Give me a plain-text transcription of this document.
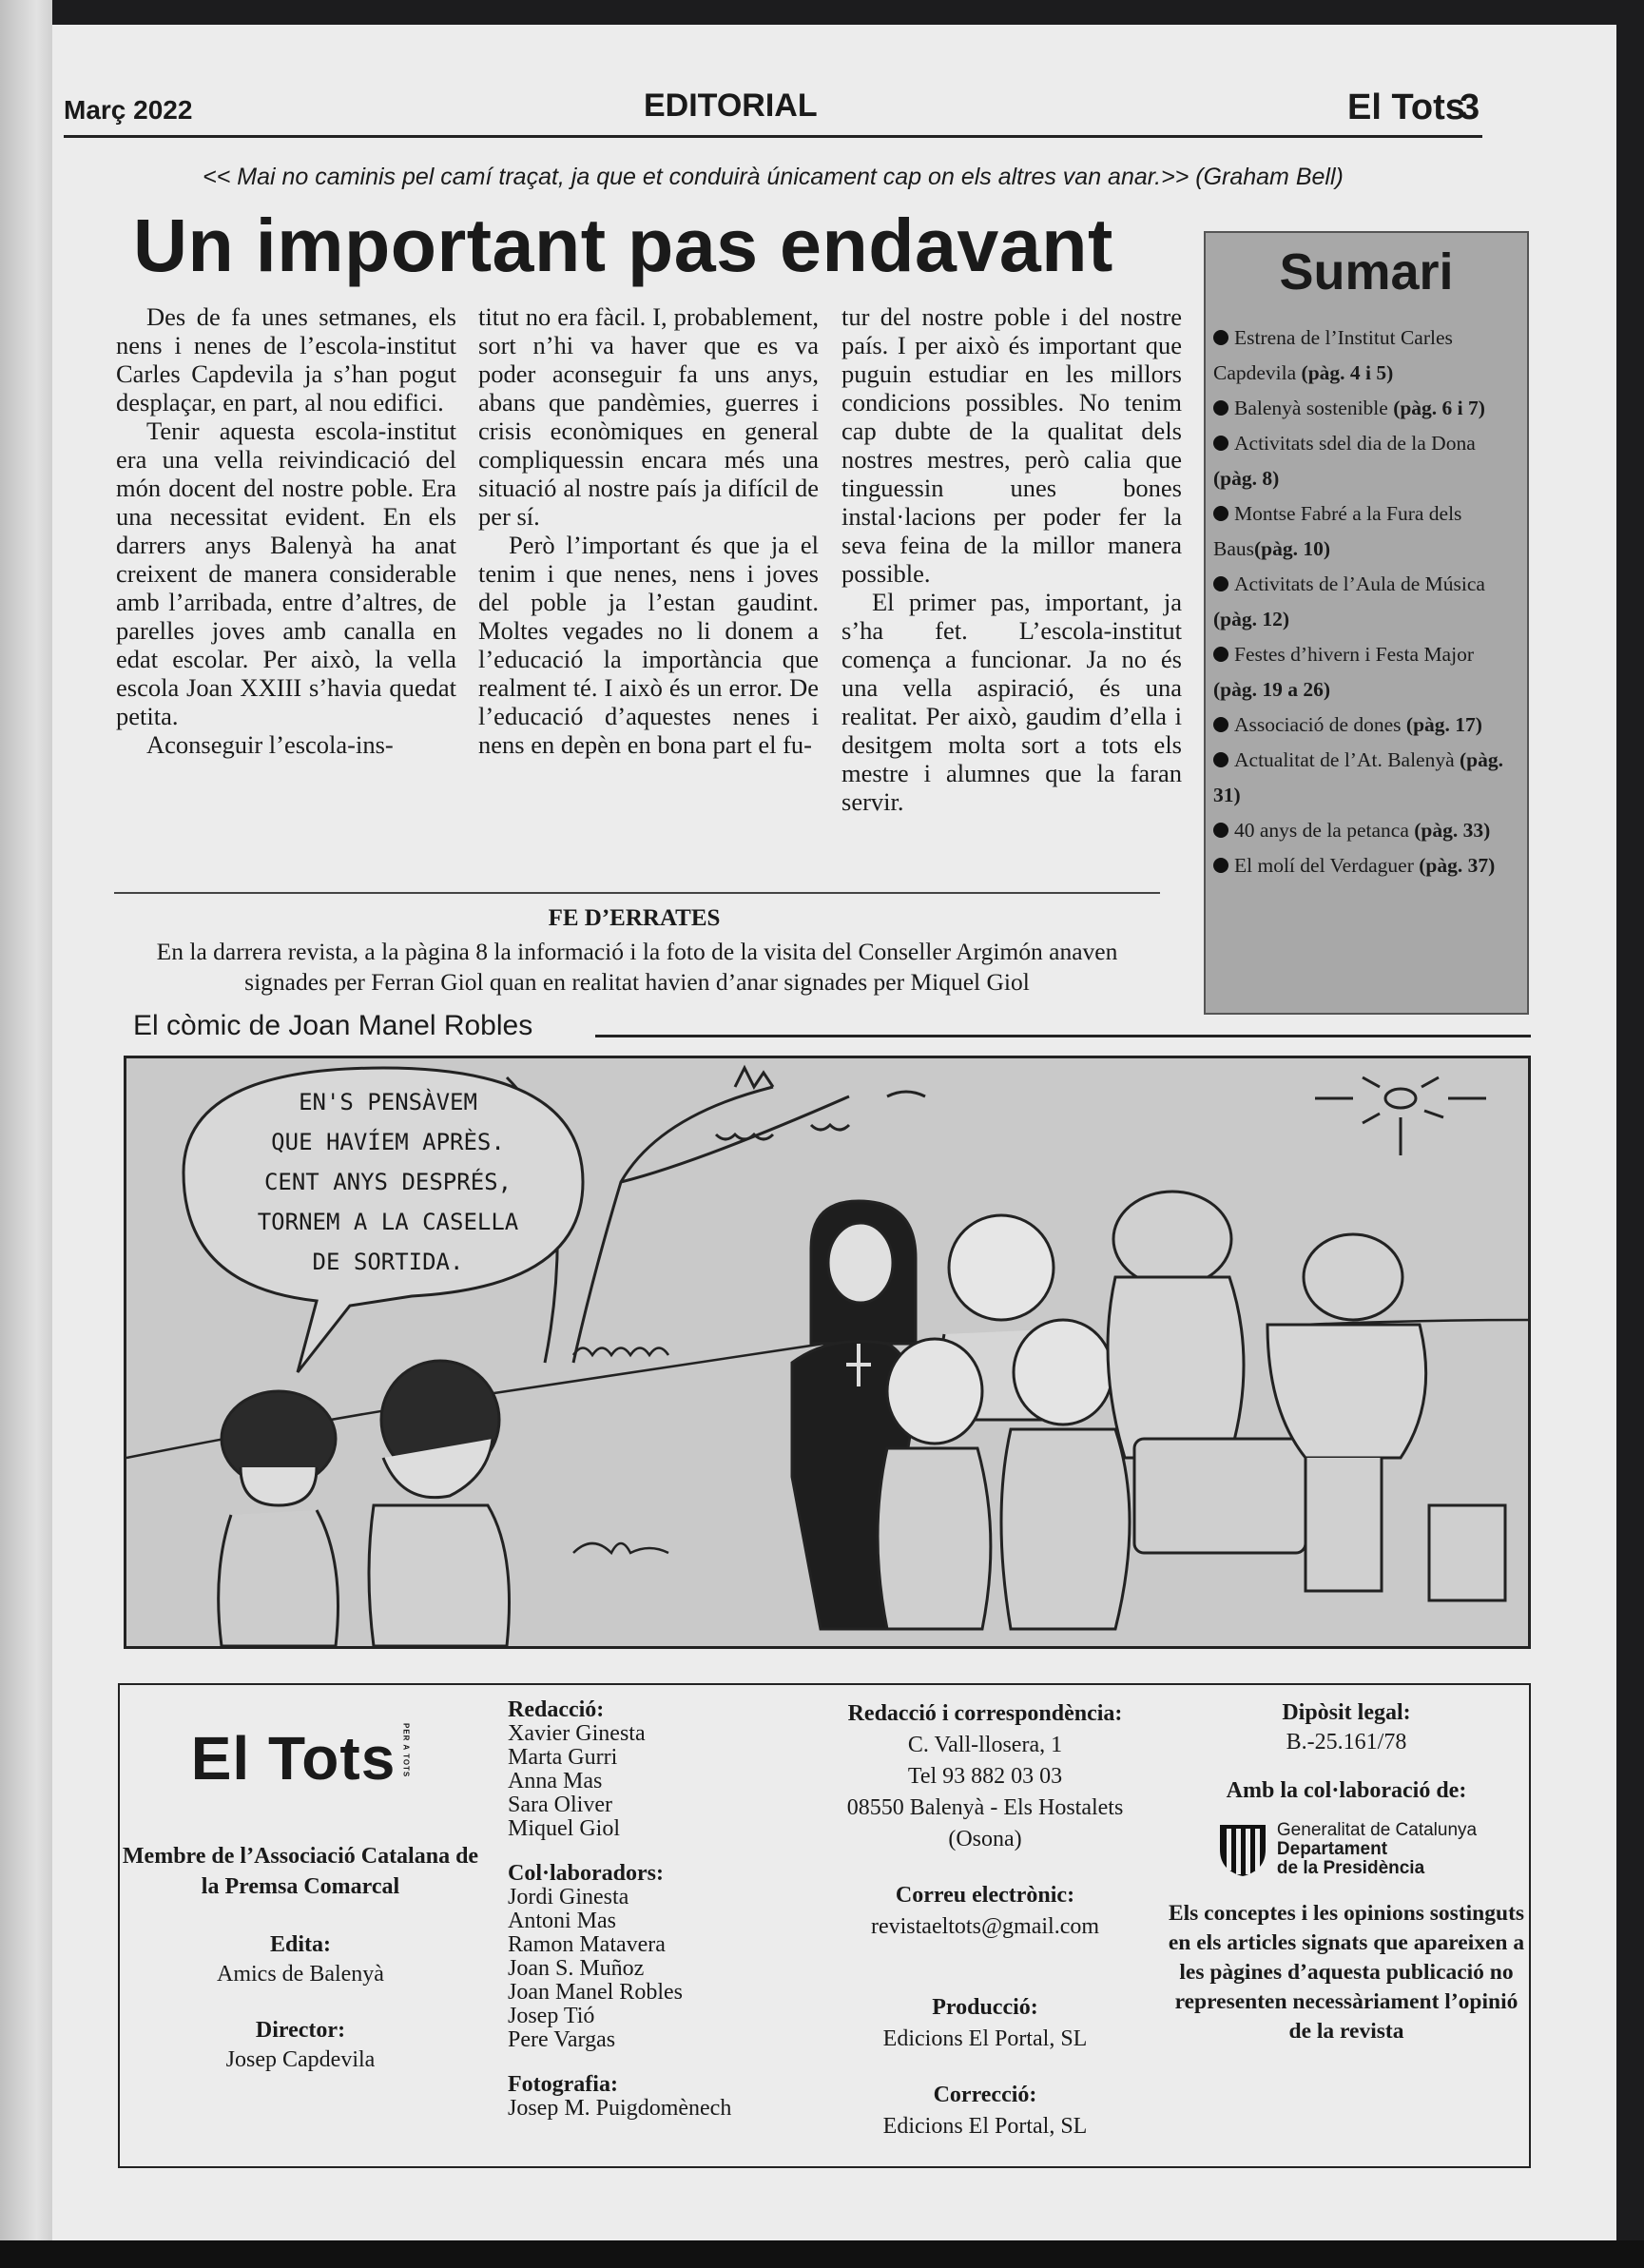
Març 2022	EDITORIAL	El Tots
3
<< Mai no caminis pel camí traçat, ja que et conduirà únicament cap on els altres van anar.>> (Graham Bell)
Un important pas endavant

Des de fa unes setmanes, els nens i nenes de l’escola-institut Carles Capdevila ja s’han pogut desplaçar, en part, al nou edifici.

Tenir aquesta escola-institut era una vella reivindicació del món docent del nostre poble. Era una necessitat evident. En els darrers anys Balenyà ha anat creixent de manera considerable amb l’arribada, entre d’altres, de parelles joves amb canalla en edat escolar. Per això, la vella escola Joan XXIII s’havia quedat petita.

Aconseguir l’escola-ins-

titut no era fàcil. I, probablement, sort n’hi va haver que es va poder aconseguir fa uns anys, abans que pandèmies, guerres i crisis econòmiques en general compliquessin encara més una situació al nostre país ja difícil de per sí.

Però l’important és que ja el tenim i que nenes, nens i joves del poble ja l’estan gaudint. Moltes vegades no li donem a l’educació la importància que realment té. I això és un error. De l’educació d’aquestes nenes i nens en depèn en bona part el fu-

tur del nostre poble i del nostre país. I per això és important que puguin estudiar en les millors condicions possibles. No tenim cap dubte de la qualitat dels nostres mestres, però calia que tinguessin unes bones instal·lacions per poder fer la seva feina de la millor manera possible.

El primer pas, important, ja s’ha fet. L’escola-institut comença a funcionar. Ja no és una vella aspiració, és una realitat. Per això, gaudim d’ella i desitgem molta sort a tots els mestre i alumnes que la faran servir.

Sumari
Estrena de l’Institut Carles Capdevila (pàg. 4 i 5)
Balenyà sostenible (pàg. 6 i 7)
Activitats sdel dia de la Dona (pàg. 8)
Montse Fabré a la Fura dels Baus(pàg. 10)
Activitats de l’Aula de Música (pàg. 12)
Festes d’hivern i Festa Major (pàg. 19 a 26)
Associació de dones (pàg. 17)
Actualitat de l’At. Balenyà (pàg. 31)
40 anys de la petanca (pàg. 33)
El molí del Verdaguer (pàg. 37)
FE D’ERRATES
En la darrera revista, a la pàgina 8 la informació i la foto de la visita del Conseller Argimón anaven signades per Ferran Giol quan en realitat havien d’anar signades per Miquel Giol
El còmic de Joan Manel Robles
EN'S PENSÀVEM
QUE HAVÍEM APRÈS.
CENT ANYS DESPRÉS,
TORNEM A LA CASELLA
DE SORTIDA.
El Tots PER A TOTS
Membre de l’Associació Catalana de la Premsa Comarcal
Edita:
Amics de Balenyà
Director:
Josep Capdevila
Redacció:
Xavier Ginesta
Marta Gurri
Anna Mas
Sara Oliver
Miquel Giol
Col·laboradors:
Jordi Ginesta
Antoni Mas
Ramon Matavera
Joan S. Muñoz
Joan Manel Robles
Josep Tió
Pere Vargas
Fotografia:
Josep M. Puigdomènech
Redacció i correspondència:
C. Vall-llosera, 1
Tel 93 882 03 03
08550 Balenyà - Els Hostalets
(Osona)
Correu electrònic:
revistaeltots@gmail.com
Producció:
Edicions El Portal, SL
Correcció:
Edicions El Portal, SL
Dipòsit legal:
B.-25.161/78
Amb la col·laboració de:
Generalitat de Catalunya
Departament
de la Presidència
Els conceptes i les opinions sostinguts en els articles signats que apareixen a les pàgines d’aquesta publicació no representen necessàriament l’opinió de la revista
